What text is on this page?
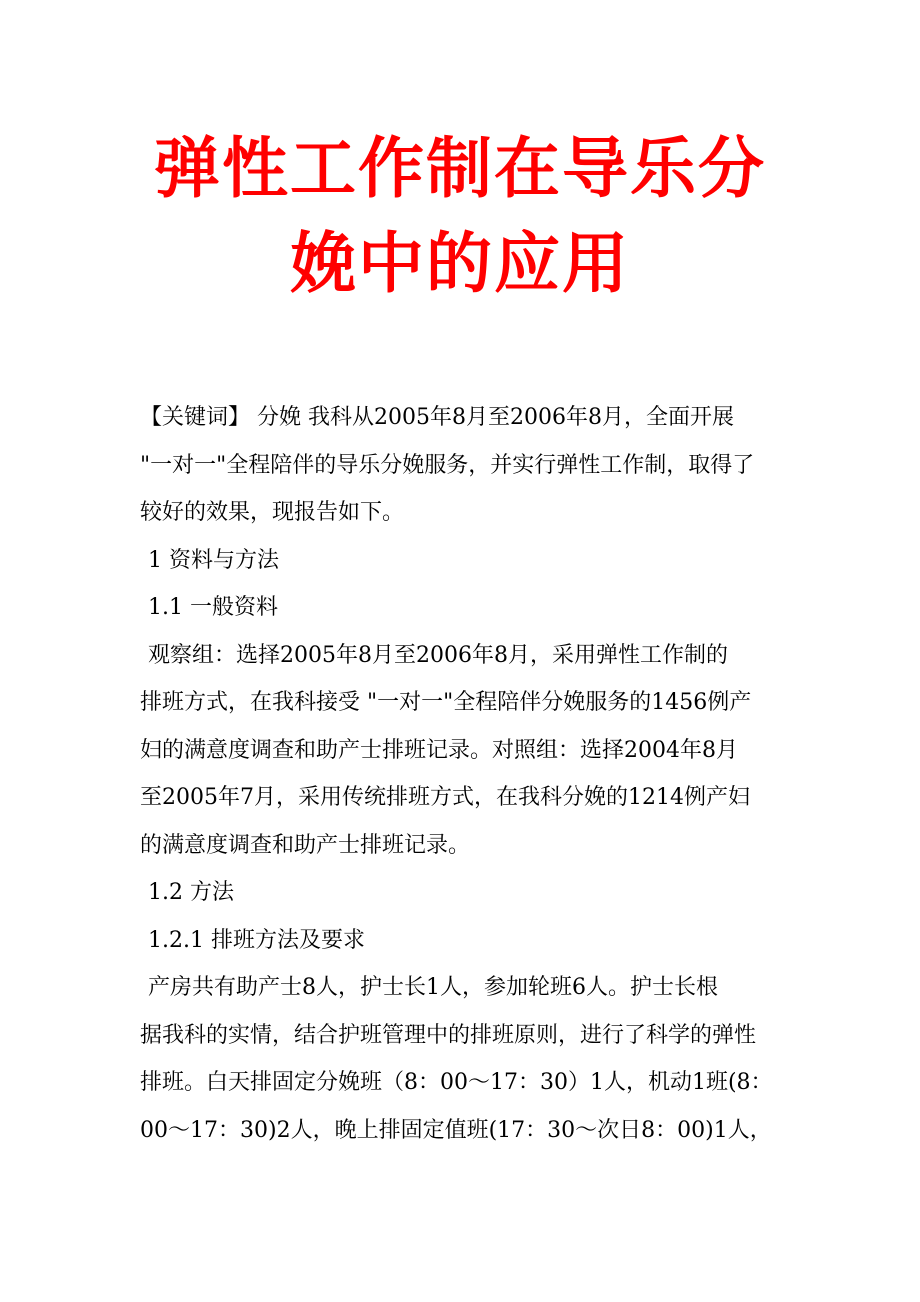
弹性工作制在导乐分
娩中的应用
【关键词】 分娩 我科从2005年8月至2006年8月，全面开展
"一对一"全程陪伴的导乐分娩服务，并实行弹性工作制，取得了
较好的效果，现报告如下。
1 资料与方法
1.1 一般资料
观察组：选择2005年8月至2006年8月，采用弹性工作制的
排班方式，在我科接受 "一对一"全程陪伴分娩服务的1456例产
妇的满意度调查和助产士排班记录。对照组：选择2004年8月
至2005年7月，采用传统排班方式，在我科分娩的1214例产妇
的满意度调查和助产士排班记录。
1.2 方法
1.2.1 排班方法及要求
产房共有助产士8人，护士长1人，参加轮班6人。护士长根
据我科的实情，结合护班管理中的排班原则，进行了科学的弹性
排班。白天排固定分娩班（8：00～17：30）1人，机动1班(8：
00～17：30)2人，晚上排固定值班(17：30～次日8：00)1人，
